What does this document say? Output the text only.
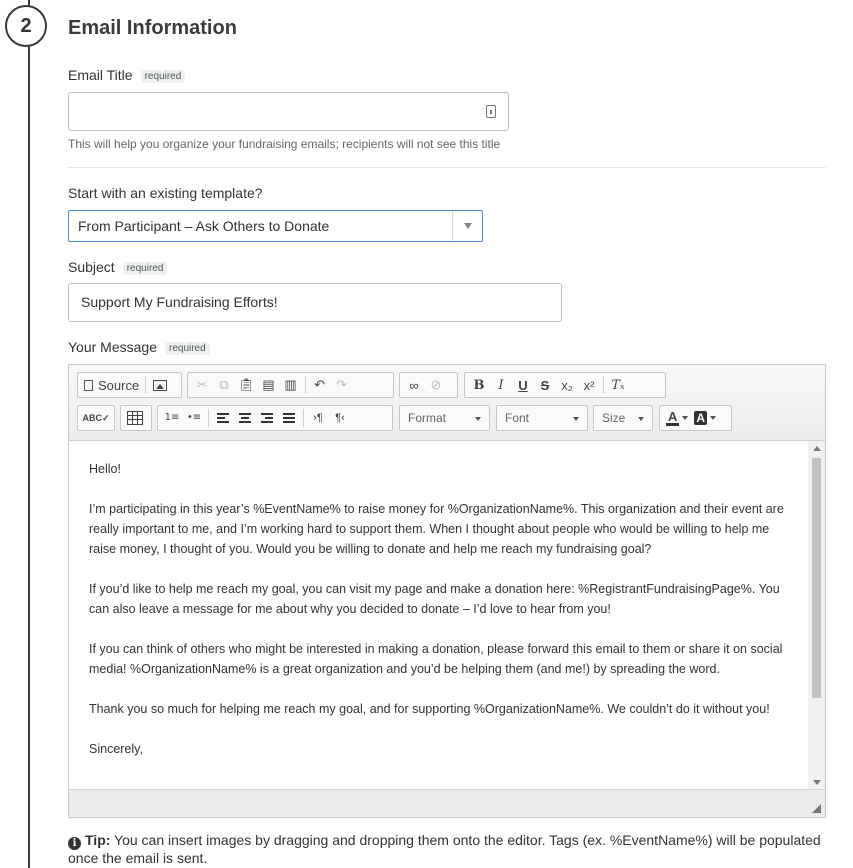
2	Email Information
Email Title required
This will help you organize your fundraising emails; recipients will not see this title
Start with an existing template?
From Participant – Ask Others to Donate
Subject required
Support My Fundraising Efforts!
Your Message required
Source	✂ ⧉ 📋︎ ▤ ▥ ↶ ↷	∞ ⊘ B I U S x₂ x² Tₓ
ABC✓	1≡ •≡	›¶ ¶‹	Format	Font	Size	A A

Hello!

I’m participating in this year’s %EventName% to raise money for %OrganizationName%. This organization and their event are really important to me, and I’m working hard to support them. When I thought about people who would be willing to help me raise money, I thought of you. Would you be willing to donate and help me reach my fundraising goal?

If you’d like to help me reach my goal, you can visit my page and make a donation here: %RegistrantFundraisingPage%. You can also leave a message for me about why you decided to donate – I’d love to hear from you!

If you can think of others who might be interested in making a donation, please forward this email to them or share it on social media! %OrganizationName% is a great organization and you’d be helping them (and me!) by spreading the word.

Thank you so much for helping me reach my goal, and for supporting %OrganizationName%. We couldn’t do it without you!

Sincerely,

i Tip: You can insert images by dragging and dropping them onto the editor. Tags (ex. %EventName%) will be populated once the email is sent.
